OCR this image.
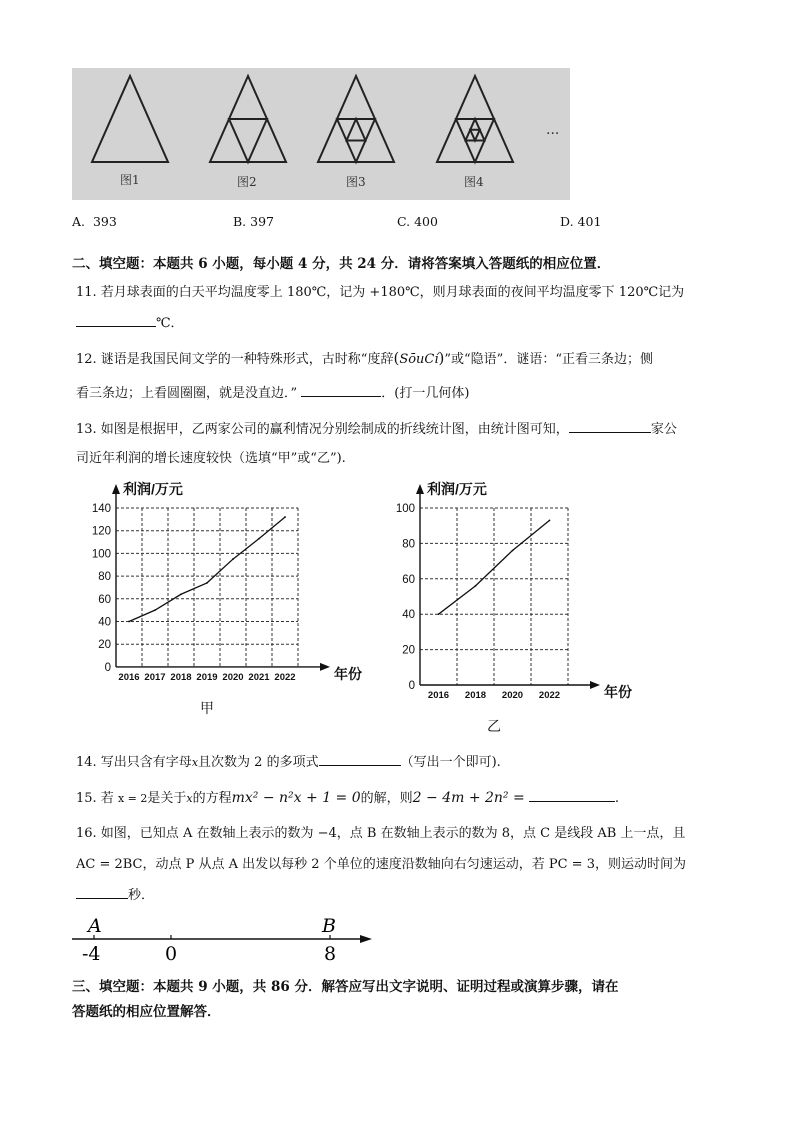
图1	图2	图3	图4
···
A. 393	B. 397	C. 400	D. 401
二、填空题：本题共 6 小题，每小题 4 分，共 24 分．请将答案填入答题纸的相应位置．
11. 若月球表面的白天平均温度零上 180℃，记为 +180℃，则月球表面的夜间平均温度零下 120℃记为
℃．
12. 谜语是我国民间文学的一种特殊形式，古时称“度辞(SōuCí)”或“隐语”．谜语：“正看三条边；侧
看三条边；上看圆圈圈，就是没直边．”	．(打一几何体)
13. 如图是根据甲，乙两家公司的赢利情况分别绘制成的折线统计图，由统计图可知，	家公
司近年利润的增长速度较快（选填“甲”或“乙”).
0
20
40
60
80
100
120
140
2016 2017 2018 2019 2020 2021 2022
利润/万元
年份
甲
0
20
40
60
80
100
2016 2018 2020 2022
利润/万元
年份
乙
14. 写出只含有字母x且次数为 2 的多项式	（写出一个即可).
15. 若 x = 2是关于x的方程mx² − n²x + 1 = 0的解，则2 − 4m + 2n² =	.
16. 如图，已知点 A 在数轴上表示的数为 −4，点 B 在数轴上表示的数为 8，点 C 是线段 AB 上一点，且
AC = 2BC，动点 P 从点 A 出发以每秒 2 个单位的速度沿数轴向右匀速运动，若 PC = 3，则运动时间为
秒．
A	B
-4	0	8
三、填空题：本题共 9 小题，共 86 分．解答应写出文字说明、证明过程或演算步骤，请在
答题纸的相应位置解答．
